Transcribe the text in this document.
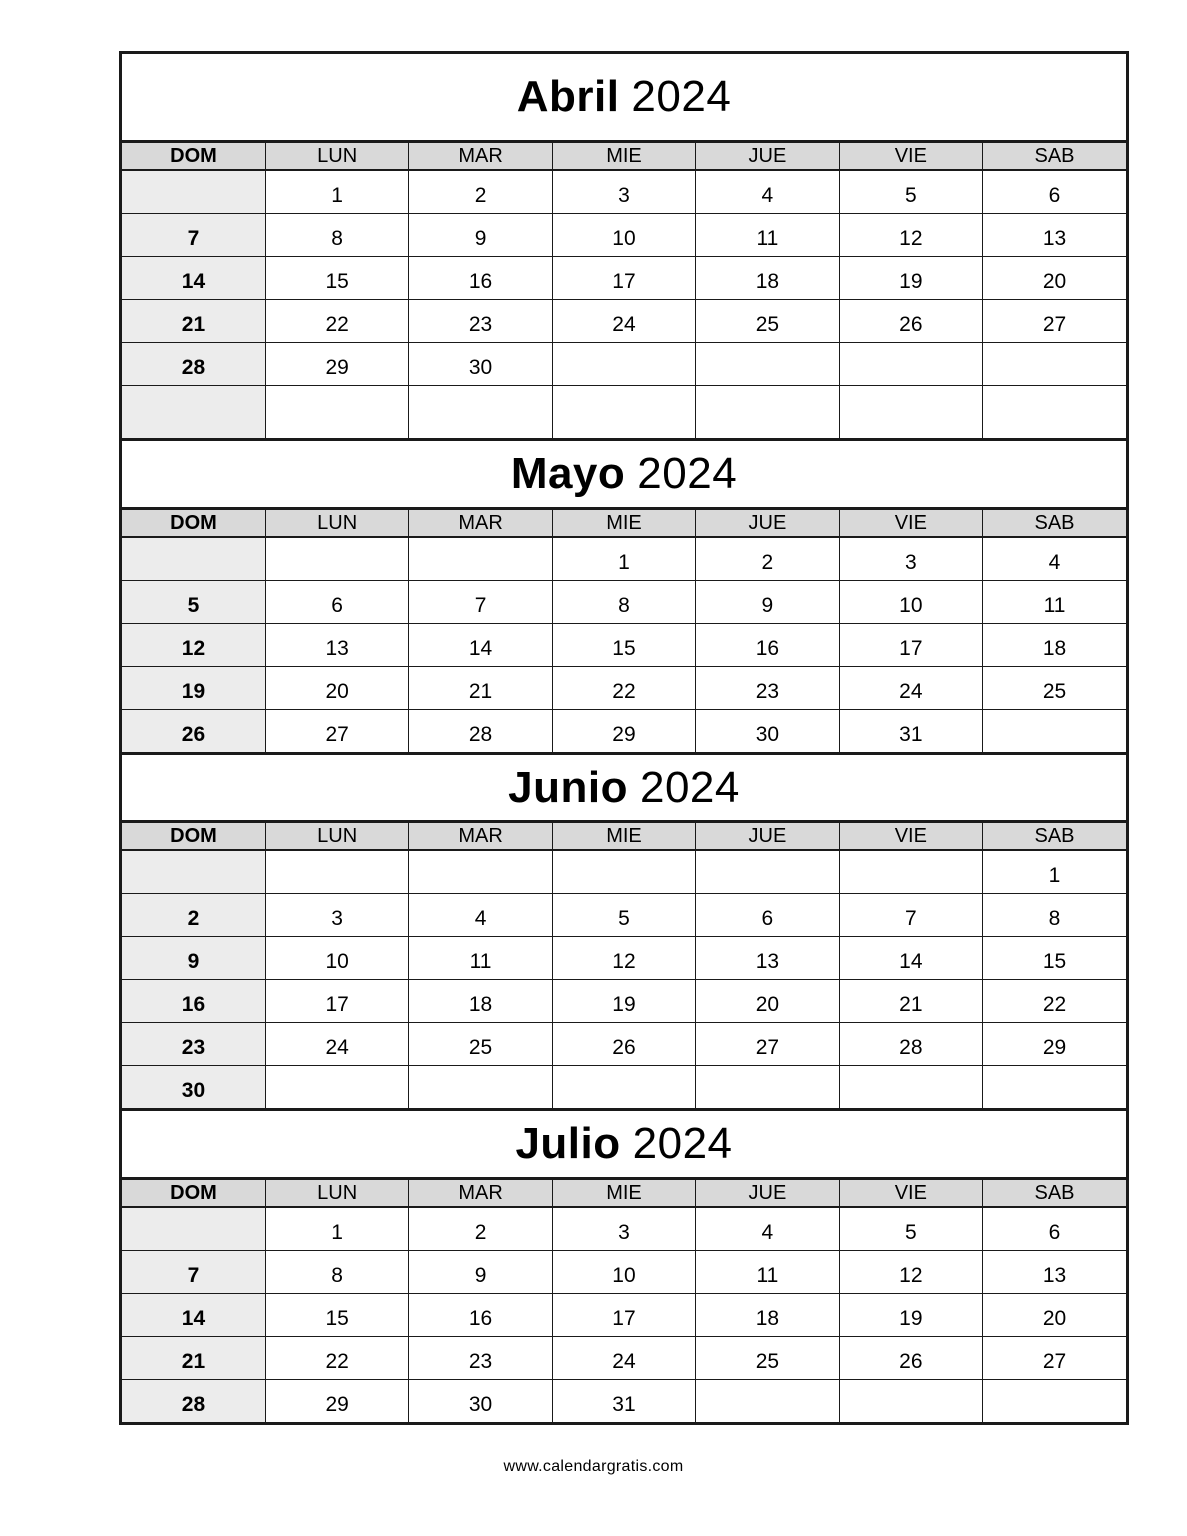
Abril 2024
DOM	LUN	MAR	MIE	JUE	VIE	SAB
	1	2	3	4	5	6
7	8	9	10	11	12	13
14	15	16	17	18	19	20
21	22	23	24	25	26	27
28	29	30				

Mayo 2024
DOM	LUN	MAR	MIE	JUE	VIE	SAB
			1	2	3	4
5	6	7	8	9	10	11
12	13	14	15	16	17	18
19	20	21	22	23	24	25
26	27	28	29	30	31	
Junio 2024
DOM	LUN	MAR	MIE	JUE	VIE	SAB
						1
2	3	4	5	6	7	8
9	10	11	12	13	14	15
16	17	18	19	20	21	22
23	24	25	26	27	28	29
30						
Julio 2024
DOM	LUN	MAR	MIE	JUE	VIE	SAB
	1	2	3	4	5	6
7	8	9	10	11	12	13
14	15	16	17	18	19	20
21	22	23	24	25	26	27
28	29	30	31			
www.calendargratis.com
